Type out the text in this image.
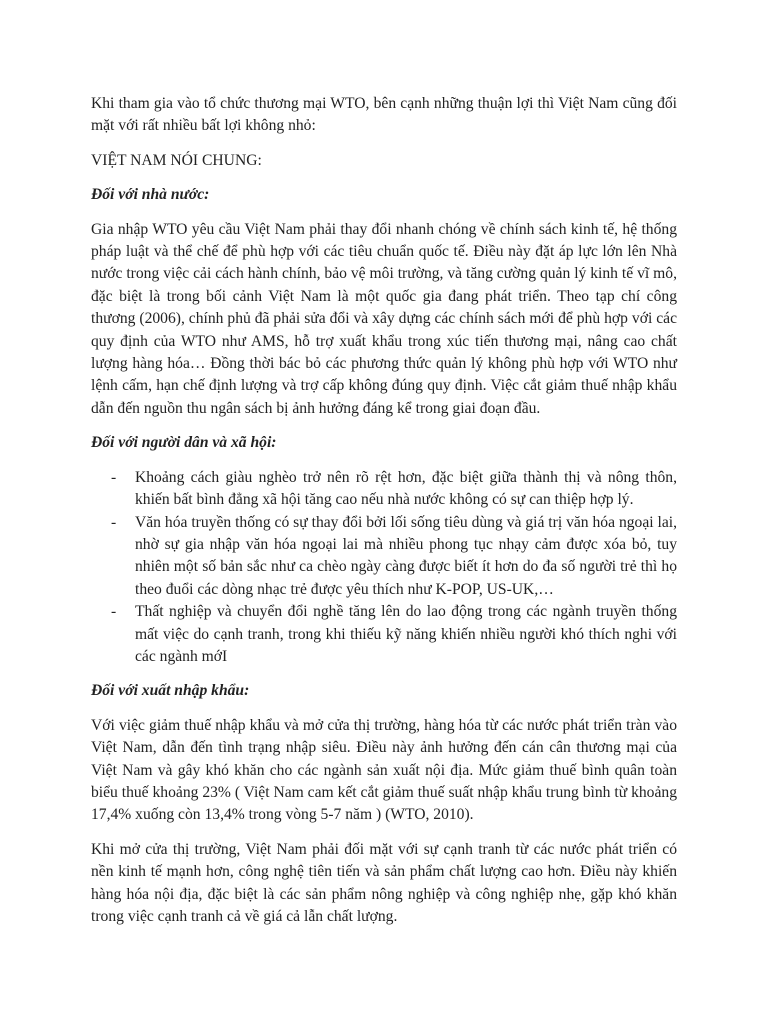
Khi tham gia vào tổ chức thương mại WTO, bên cạnh những thuận lợi thì Việt Nam cũng đối mặt với rất nhiều bất lợi không nhỏ:

VIỆT NAM NÓI CHUNG:

Đối với nhà nước:

Gia nhập WTO yêu cầu Việt Nam phải thay đổi nhanh chóng về chính sách kinh tế, hệ thống pháp luật và thể chế để phù hợp với các tiêu chuẩn quốc tế. Điều này đặt áp lực lớn lên Nhà nước trong việc cải cách hành chính, bảo vệ môi trường, và tăng cường quản lý kinh tế vĩ mô, đặc biệt là trong bối cảnh Việt Nam là một quốc gia đang phát triển. Theo tạp chí công thương (2006), chính phủ đã phải sửa đổi và xây dựng các chính sách mới để phù hợp với các quy định của WTO như AMS, hỗ trợ xuất khẩu trong xúc tiến thương mại, nâng cao chất lượng hàng hóa… Đồng thời bác bỏ các phương thức quản lý không phù hợp với WTO như lệnh cấm, hạn chế định lượng và trợ cấp không đúng quy định. Việc cắt giảm thuế nhập khẩu dẫn đến nguồn thu ngân sách bị ảnh hưởng đáng kể trong giai đoạn đầu.

Đối với người dân và xã hội:

- Khoảng cách giàu nghèo trở nên rõ rệt hơn, đặc biệt giữa thành thị và nông thôn, khiến bất bình đẳng xã hội tăng cao nếu nhà nước không có sự can thiệp hợp lý.
- Văn hóa truyền thống có sự thay đổi bởi lối sống tiêu dùng và giá trị văn hóa ngoại lai, nhờ sự gia nhập văn hóa ngoại lai mà nhiều phong tục nhạy cảm được xóa bỏ, tuy nhiên một số bản sắc như ca chèo ngày càng được biết ít hơn do đa số người trẻ thì họ theo đuổi các dòng nhạc trẻ được yêu thích như K-POP, US-UK,…
- Thất nghiệp và chuyển đổi nghề tăng lên do lao động trong các ngành truyền thống mất việc do cạnh tranh, trong khi thiếu kỹ năng khiến nhiều người khó thích nghi với các ngành mớI

Đối với xuất nhập khẩu:

Với việc giảm thuế nhập khẩu và mở cửa thị trường, hàng hóa từ các nước phát triển tràn vào Việt Nam, dẫn đến tình trạng nhập siêu. Điều này ảnh hưởng đến cán cân thương mại của Việt Nam và gây khó khăn cho các ngành sản xuất nội địa. Mức giảm thuế bình quân toàn biểu thuế khoảng 23% ( Việt Nam cam kết cắt giảm thuế suất nhập khẩu trung bình từ khoảng 17,4% xuống còn 13,4% trong vòng 5-7 năm ) (WTO, 2010).

Khi mở cửa thị trường, Việt Nam phải đối mặt với sự cạnh tranh từ các nước phát triển có nền kinh tế mạnh hơn, công nghệ tiên tiến và sản phẩm chất lượng cao hơn. Điều này khiến hàng hóa nội địa, đặc biệt là các sản phẩm nông nghiệp và công nghiệp nhẹ, gặp khó khăn trong việc cạnh tranh cả về giá cả lẫn chất lượng.
